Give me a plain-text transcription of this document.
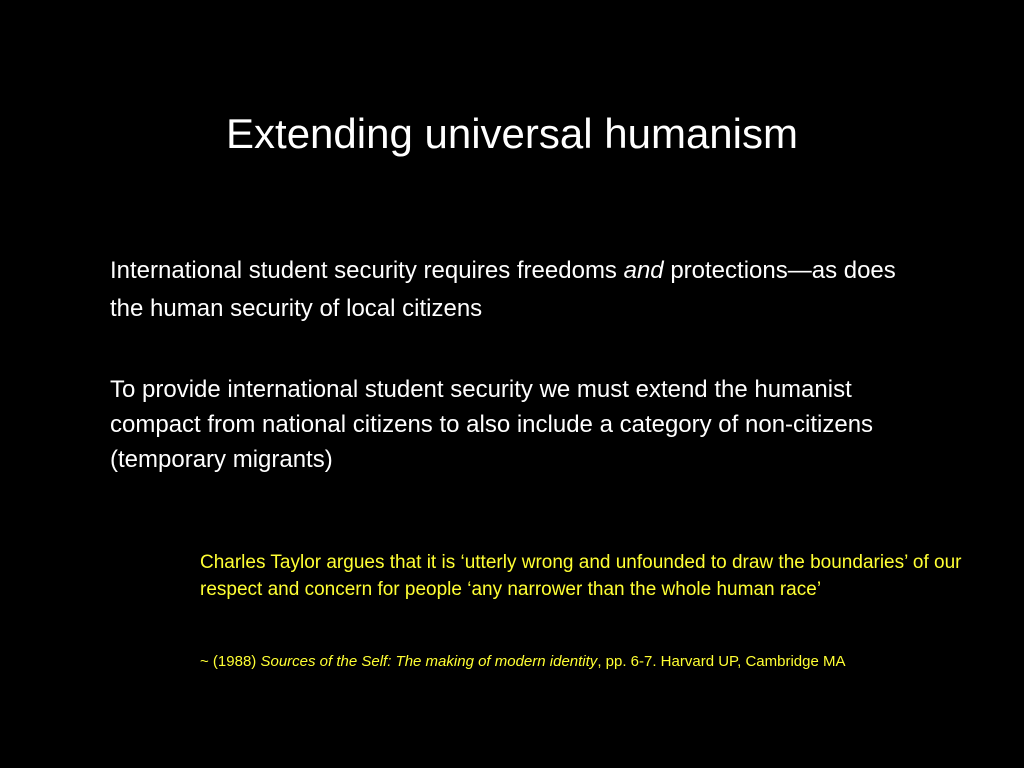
Extending universal humanism
International student security requires freedoms and protections—as does the human security of local citizens
To provide international student security we must extend the humanist compact from national citizens to also include a category of non-citizens (temporary migrants)
Charles Taylor argues that it is ‘utterly wrong and unfounded to draw the boundaries’ of our respect and concern for people ‘any narrower than the whole human race’
~ (1988) Sources of the Self: The making of modern identity, pp. 6-7. Harvard UP, Cambridge MA
